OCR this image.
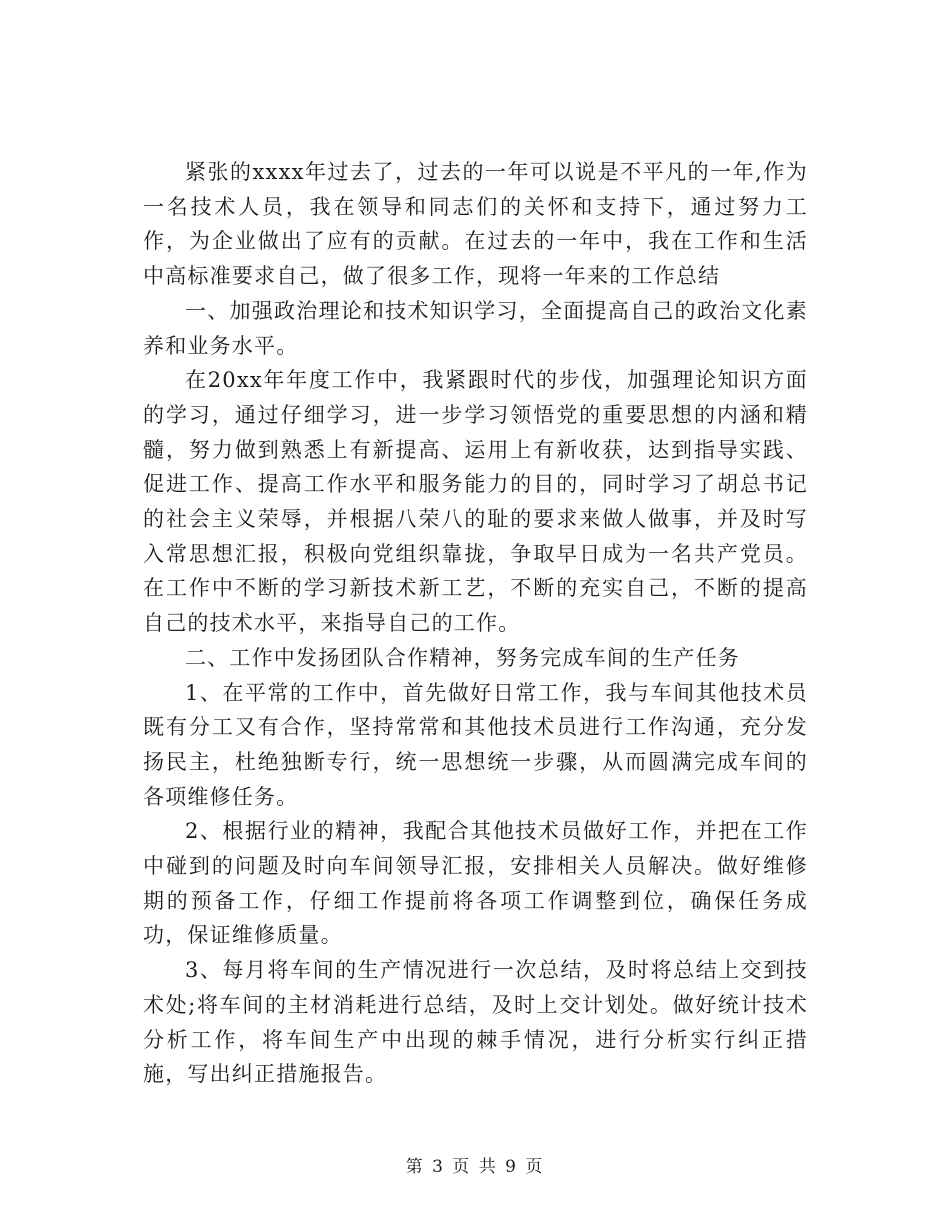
紧张的xxxx年过去了，过去的一年可以说是不平凡的一年,作为一名技术人员，我在领导和同志们的关怀和支持下，通过努力工作，为企业做出了应有的贡献。在过去的一年中，我在工作和生活中高标准要求自己，做了很多工作，现将一年来的工作总结

一、加强政治理论和技术知识学习，全面提高自己的政治文化素养和业务水平。

在20xx年年度工作中，我紧跟时代的步伐，加强理论知识方面的学习，通过仔细学习，进一步学习领悟党的重要思想的内涵和精髓，努力做到熟悉上有新提高、运用上有新收获，达到指导实践、促进工作、提高工作水平和服务能力的目的，同时学习了胡总书记的社会主义荣辱，并根据八荣八的耻的要求来做人做事，并及时写入常思想汇报，积极向党组织靠拢，争取早日成为一名共产党员。在工作中不断的学习新技术新工艺，不断的充实自己，不断的提高自己的技术水平，来指导自己的工作。

二、工作中发扬团队合作精神，努务完成车间的生产任务

1、在平常的工作中，首先做好日常工作，我与车间其他技术员既有分工又有合作，坚持常常和其他技术员进行工作沟通，充分发扬民主，杜绝独断专行，统一思想统一步骤，从而圆满完成车间的各项维修任务。

2、根据行业的精神，我配合其他技术员做好工作，并把在工作中碰到的问题及时向车间领导汇报，安排相关人员解决。做好维修期的预备工作，仔细工作提前将各项工作调整到位，确保任务成功，保证维修质量。

3、每月将车间的生产情况进行一次总结，及时将总结上交到技术处;将车间的主材消耗进行总结，及时上交计划处。做好统计技术分析工作，将车间生产中出现的棘手情况，进行分析实行纠正措施，写出纠正措施报告。

第 3 页 共 9 页
